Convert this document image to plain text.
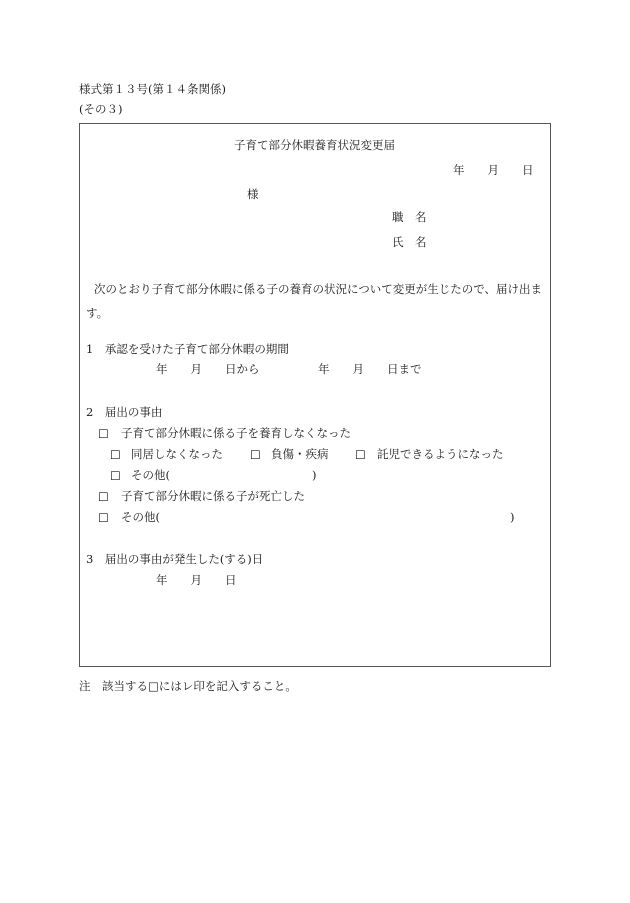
様式第１３号(第１４条関係)
(その３)
子育て部分休暇養育状況変更届
年　　月　　日
様
職　名
氏　名
次のとおり子育て部分休暇に係る子の養育の状況について変更が生じたので、届け出ます。
1　承認を受けた子育て部分休暇の期間
年　　月　　日から	年　　月　　日まで
2　届出の事由
☐ 子育て部分休暇に係る子を養育しなくなった
☐ 同居しなくなった ☐ 負傷・疾病 ☐ 託児できるようになった
☐ その他(	)
☐ 子育て部分休暇に係る子が死亡した
☐ その他(	)
3　届出の事由が発生した(する)日
年　　月　　日
注　該当する□にはレ印を記入すること。
